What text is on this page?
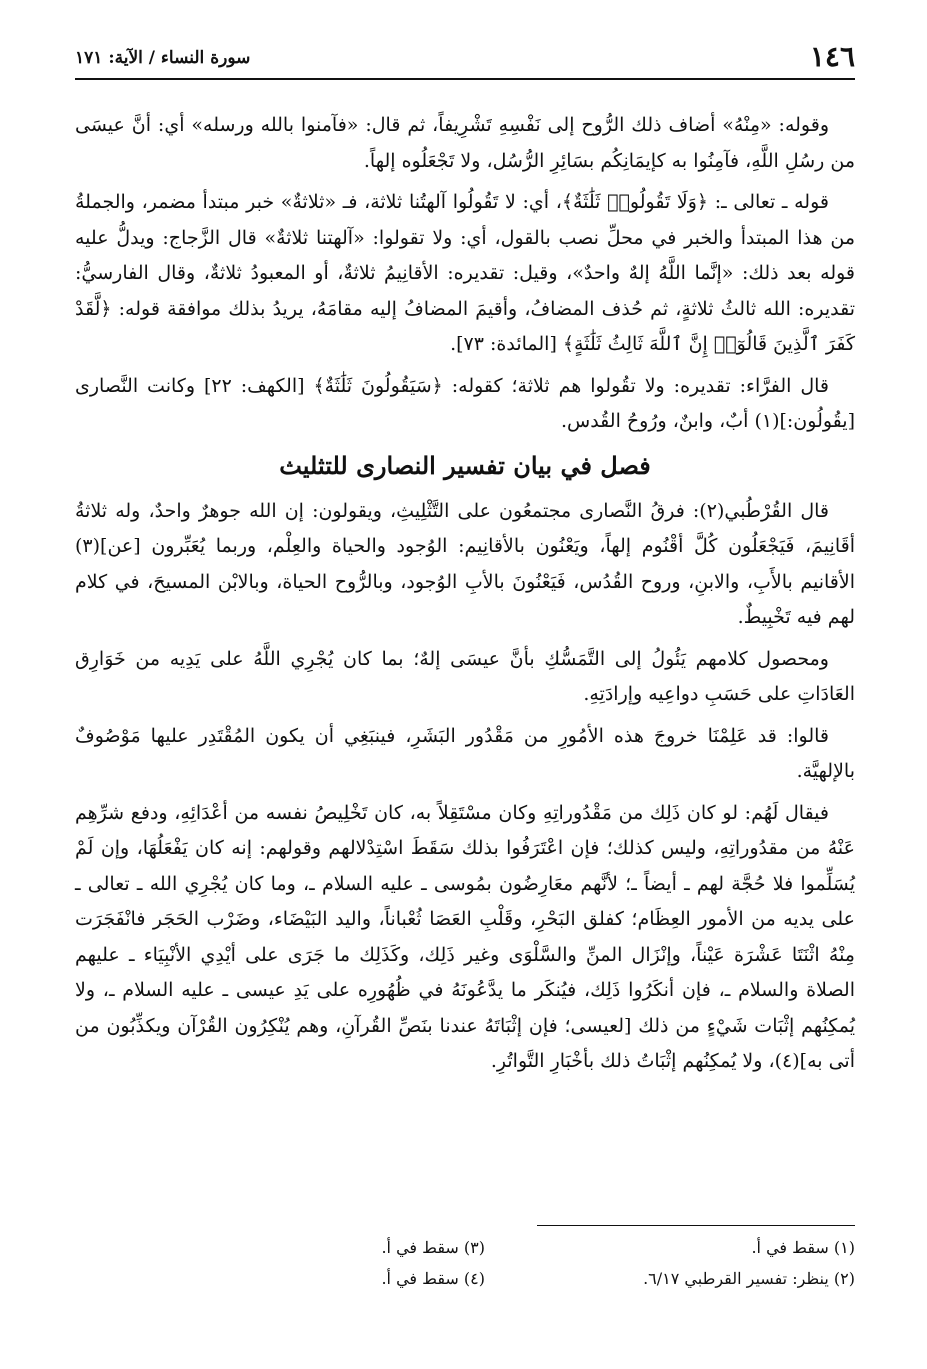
١٤٦
سورة النساء / الآية: ١٧١

وقوله: «مِنْهُ» أضاف ذلك الرُّوح إلى نَفْسِهِ تَشْرِيفاً، ثم قال: «فآمنوا بالله ورسله» أي: أنَّ عيسَى من رسُلِ اللَّهِ، فآمِنُوا به كإيمَانِكُم بسَائِرِ الرُّسُل، ولا تَجْعَلُوه إلهاً.

قوله ـ تعالى ـ: ﴿وَلَا تَقُولُوا۟ ثَلَٰثَةٌ﴾، أي: لا تَقُولُوا آلهتُنا ثلاثة، فـ «ثلاثةٌ» خبر مبتدأ مضمر، والجملةُ من هذا المبتدأ والخبر في محلِّ نصب بالقول، أي: ولا تقولوا: «آلهتنا ثلاثةٌ» قال الزَّجاج: ويدلُّ عليه قوله بعد ذلك: «إنَّما اللَّهُ إلهٌ واحدٌ»، وقيل: تقديره: الأقانِيمُ ثلاثةٌ، أو المعبودُ ثلاثةٌ، وقال الفارسيُّ: تقديره: الله ثالثُ ثلاثةٍ، ثم حُذف المضافُ، وأقيمَ المضافُ إليه مقامَهُ، يريدُ بذلك موافقة قوله: ﴿لَّقَدْ كَفَرَ ٱلَّذِينَ قَالُوٓا۟ إِنَّ ٱللَّهَ ثَالِثُ ثَلَٰثَةٍ﴾ [المائدة: ٧٣].

قال الفرَّاء: تقديره: ولا تقُولوا هم ثلاثة؛ كقوله: ﴿سَيَقُولُونَ ثَلَٰثَةٌ﴾ [الكهف: ٢٢] وكانت النَّصارى [يقُولُون:](١) أبٌ، وابنٌ، ورُوحُ القُدس.

فصل في بيان تفسير النصارى للتثليث

قال القُرْطُبي(٢): فرقُ النَّصارى مجتمعُون على التَّثْلِيثِ، ويقولون: إن الله جوهرٌ واحدٌ، وله ثلاثةُ أقَانِيمَ، فَيَجْعَلُون كُلَّ أقْنُوم إلهاً، ويَعْنُون بالأقانِيم: الوُجود والحياة والعِلْم، وربما يُعَبِّرون [عن](٣) الأقانيم بالأَبِ، والابنِ، وروح القُدُس، فَيَعْنُونَ بالأبِ الوُجود، وبالرُّوح الحياة، وبالابْن المسيحَ، في كلام لهم فيه تَخْبِيطٌ.

ومحصول كلامهم يَئُولُ إلى التَّمَسُّكِ بأنَّ عيسَى إلهٌ؛ بما كان يُجْرِي اللَّهُ على يَدِيه من خَوَارِق العَادَاتِ على حَسَبِ دواعِيه وإرادَتِهِ.

قالوا: قد عَلِمْنَا خروجَ هذه الأمُورِ من مَقْدُور البَشَرِ، فينبَغِي أن يكون المُقْتَدِر عليها مَوْصُوفٌ بالإلهيَّة.

فيقال لَهُم: لو كان ذَلِك من مَقْدُوراتِهِ وكان مسْتَقِلاً به، كان تَخْلِيصُ نفسه من أعْدَائِهِ، ودفع شرِّهِم عَنْهُ من مقدُوراتِهِ، وليس كذلك؛ فإن اعْتَرَفُوا بذلك سَقَطَ اسْتِدْلالهم وقولهم: إنه كان يَفْعَلُهَا، وإن لَمْ يُسَلِّموا فلا حُجَّة لهم ـ أيضاً ـ؛ لأنَّهم معَارِضُون بمُوسى ـ عليه السلام ـ، وما كان يُجْرِي الله ـ تعالى ـ على يديه من الأمور العِظَام؛ كفلق البَحْرِ، وقَلْبِ العَصَا ثُعْباناً، واليد البَيْضَاء، وضَرْب الحَجَر فانْفَجَرَت مِنْهُ اثْنَتَا عَشْرَة عَيْناً، وإنْزَال المنِّ والسَّلْوَى وغير ذَلِك، وكَذَلِك ما جَرَى على أيْدِي الأنْبِيَاء ـ عليهم الصلاة والسلام ـ، فإن أنكَرُوا ذَلِك، فيُنكَر ما يدَّعُونَهُ في ظُهُورِه على يَدِ عيسى ـ عليه السلام ـ، ولا يُمكِنُهم إثْبَات شَيْءٍ من ذلك [لعيسى؛ فإن إثْبَاتَهُ عندنا بنَصِّ القُرآنِ، وهم يُنْكِرُون القُرْآن ويكذِّبُون من أتى به](٤)، ولا يُمكِنُهم إثْبَاتُ ذلك بأخْبَارِ التَّواتُرِ.

(١) سقط في أ.
(٢) ينظر: تفسير القرطبي ٦/١٧.
(٣) سقط في أ.
(٤) سقط في أ.
